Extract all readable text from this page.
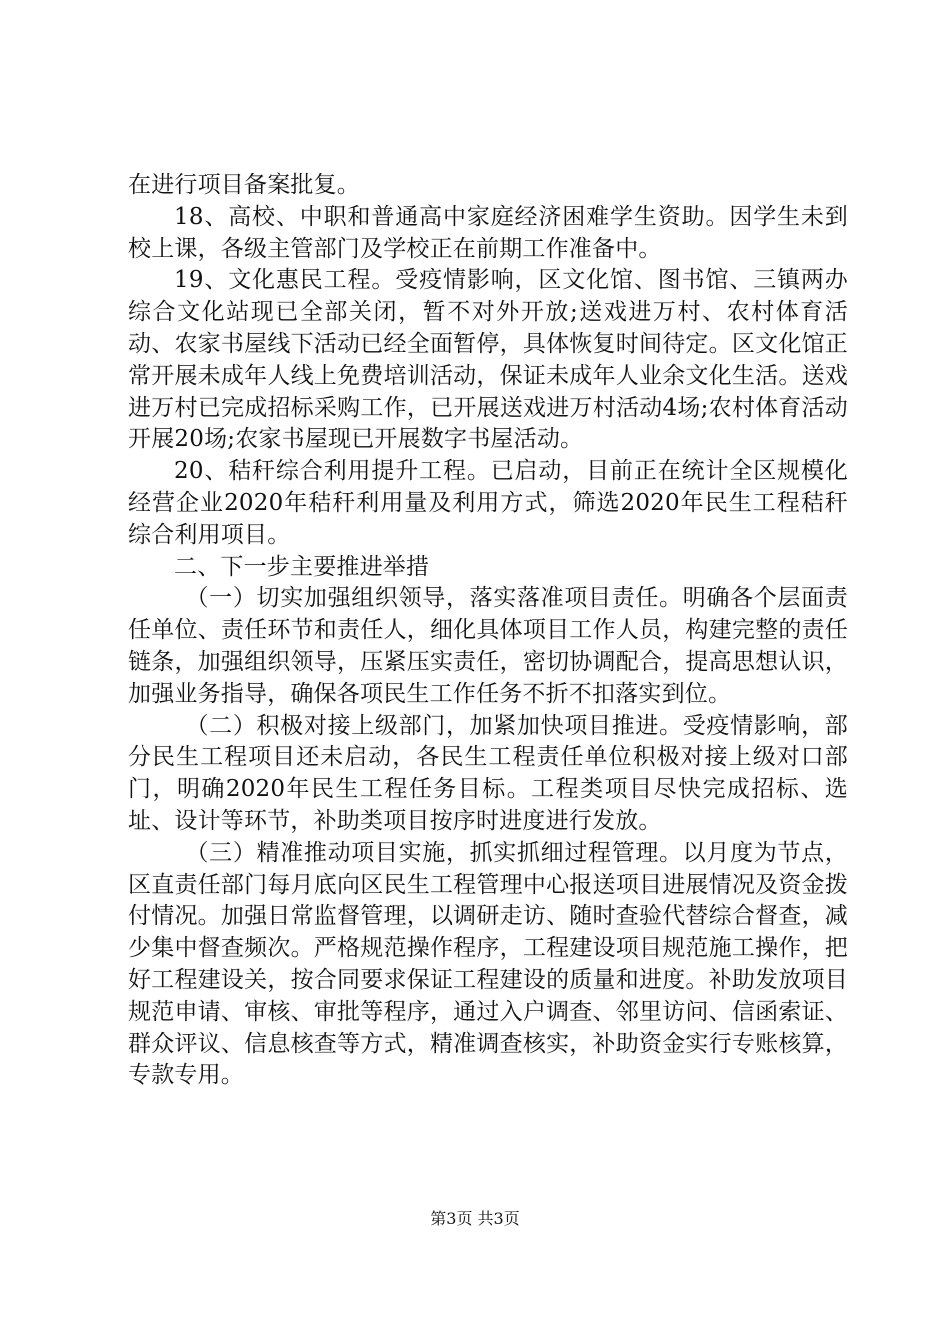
在进行项目备案批复。

18、高校、中职和普通高中家庭经济困难学生资助。因学生未到校上课，各级主管部门及学校正在前期工作准备中。

19、文化惠民工程。受疫情影响，区文化馆、图书馆、三镇两办综合文化站现已全部关闭，暂不对外开放;送戏进万村、农村体育活动、农家书屋线下活动已经全面暂停，具体恢复时间待定。区文化馆正常开展未成年人线上免费培训活动，保证未成年人业余文化生活。送戏进万村已完成招标采购工作，已开展送戏进万村活动4场;农村体育活动开展20场;农家书屋现已开展数字书屋活动。

20、秸秆综合利用提升工程。已启动，目前正在统计全区规模化经营企业2020年秸秆利用量及利用方式，筛选2020年民生工程秸秆综合利用项目。

二、下一步主要推进举措

（一）切实加强组织领导，落实落准项目责任。明确各个层面责任单位、责任环节和责任人，细化具体项目工作人员，构建完整的责任链条，加强组织领导，压紧压实责任，密切协调配合，提高思想认识，加强业务指导，确保各项民生工作任务不折不扣落实到位。

（二）积极对接上级部门，加紧加快项目推进。受疫情影响，部分民生工程项目还未启动，各民生工程责任单位积极对接上级对口部门，明确2020年民生工程任务目标。工程类项目尽快完成招标、选址、设计等环节，补助类项目按序时进度进行发放。

（三）精准推动项目实施，抓实抓细过程管理。以月度为节点，区直责任部门每月底向区民生工程管理中心报送项目进展情况及资金拨付情况。加强日常监督管理，以调研走访、随时查验代替综合督查，减少集中督查频次。严格规范操作程序，工程建设项目规范施工操作，把好工程建设关，按合同要求保证工程建设的质量和进度。补助发放项目规范申请、审核、审批等程序，通过入户调查、邻里访问、信函索证、群众评议、信息核查等方式，精准调查核实，补助资金实行专账核算，专款专用。

第3页 共3页
